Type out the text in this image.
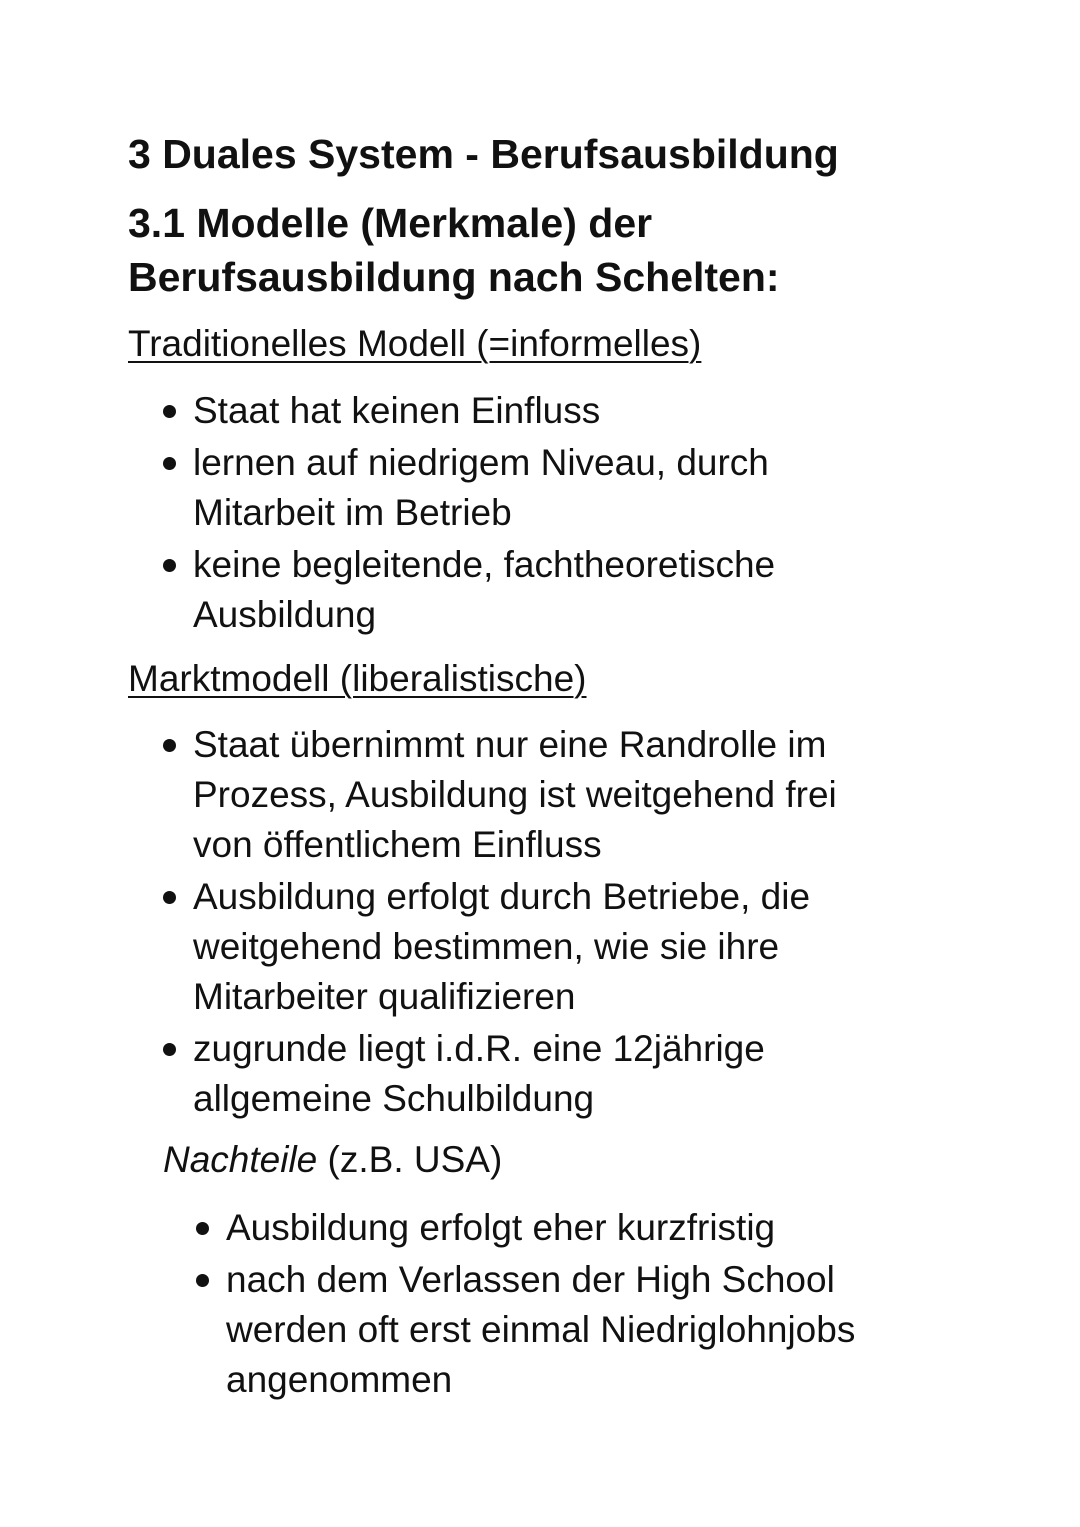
3 Duales System - Berufsausbildung
3.1 Modelle (Merkmale) der
Berufsausbildung nach Schelten:
Traditionelles Modell (=informelles)
Staat hat keinen Einfluss
lernen auf niedrigem Niveau, durch
Mitarbeit im Betrieb
keine begleitende, fachtheoretische
Ausbildung
Marktmodell (liberalistische)
Staat übernimmt nur eine Randrolle im
Prozess, Ausbildung ist weitgehend frei
von öffentlichem Einfluss
Ausbildung erfolgt durch Betriebe, die
weitgehend bestimmen, wie sie ihre
Mitarbeiter qualifizieren
zugrunde liegt i.d.R. eine 12jährige
allgemeine Schulbildung
Nachteile (z.B. USA)
Ausbildung erfolgt eher kurzfristig
nach dem Verlassen der High School
werden oft erst einmal Niedriglohnjobs
angenommen
